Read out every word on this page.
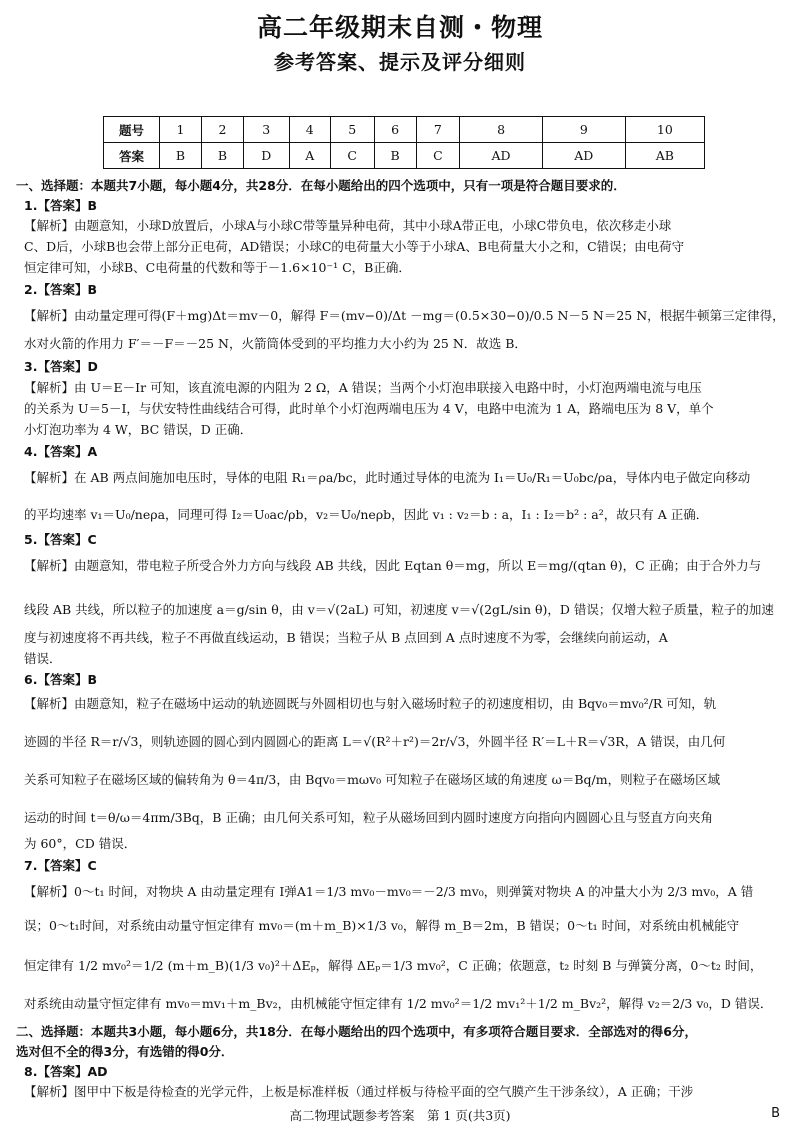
高二年级期末自测・物理
参考答案、提示及评分细则
题号	1	2	3	4	5	6	7	8	9	10
答案	B	B	D	A	C	B	C	AD	AD	AB
一、选择题：本题共7小题，每小题4分，共28分．在每小题给出的四个选项中，只有一项是符合题目要求的．
1.【答案】B
【解析】由题意知，小球D放置后，小球A与小球C带等量异种电荷，其中小球A带正电，小球C带负电，依次移走小球
C、D后，小球B也会带上部分正电荷，AD错误；小球C的电荷量大小等于小球A、B电荷量大小之和，C错误；由电荷守
恒定律可知，小球B、C电荷量的代数和等于－1.6×10⁻¹ C，B正确．
2.【答案】B
【解析】由动量定理可得(F＋mg)Δt＝mv－0，解得 F＝(mv−0)/Δt －mg＝(0.5×30−0)/0.5 N－5 N＝25 N，根据牛顿第三定律得，
水对火箭的作用力 F′＝－F＝－25 N，火箭筒体受到的平均推力大小约为 25 N．故选 B．
3.【答案】D
【解析】由 U＝E－Ir 可知，该直流电源的内阻为 2 Ω，A 错误；当两个小灯泡串联接入电路中时，小灯泡两端电流与电压
的关系为 U＝5－I，与伏安特性曲线结合可得，此时单个小灯泡两端电压为 4 V，电路中电流为 1 A，路端电压为 8 V，单个
小灯泡功率为 4 W，BC 错误，D 正确．
4.【答案】A
【解析】在 AB 两点间施加电压时，导体的电阻 R₁＝ρa/bc，此时通过导体的电流为 I₁＝U₀/R₁＝U₀bc/ρa，导体内电子做定向移动
的平均速率 v₁＝U₀/neρa，同理可得 I₂＝U₀ac/ρb，v₂＝U₀/neρb，因此 v₁ : v₂＝b : a，I₁ : I₂＝b² : a²，故只有 A 正确．
5.【答案】C
【解析】由题意知，带电粒子所受合外力方向与线段 AB 共线，因此 Eqtan θ＝mg，所以 E＝mg/(qtan θ)，C 正确；由于合外力与
线段 AB 共线，所以粒子的加速度 a＝g/sin θ，由 v＝√(2aL) 可知，初速度 v＝√(2gL/sin θ)，D 错误；仅增大粒子质量，粒子的加速
度与初速度将不再共线，粒子不再做直线运动，B 错误；当粒子从 B 点回到 A 点时速度不为零，会继续向前运动，A
错误．
6.【答案】B
【解析】由题意知，粒子在磁场中运动的轨迹圆既与外圆相切也与射入磁场时粒子的初速度相切，由 Bqv₀＝mv₀²/R 可知，轨
迹圆的半径 R＝r/√3，则轨迹圆的圆心到内圆圆心的距离 L＝√(R²＋r²)＝2r/√3，外圆半径 R′＝L＋R＝√3R，A 错误，由几何
关系可知粒子在磁场区域的偏转角为 θ＝4π/3，由 Bqv₀＝mωv₀ 可知粒子在磁场区域的角速度 ω＝Bq/m，则粒子在磁场区域
运动的时间 t＝θ/ω＝4πm/3Bq，B 正确；由几何关系可知，粒子从磁场回到内圆时速度方向指向内圆圆心且与竖直方向夹角
为 60°，CD 错误．
7.【答案】C
【解析】0～t₁ 时间，对物块 A 由动量定理有 I弹A1＝1/3 mv₀－mv₀＝－2/3 mv₀，则弹簧对物块 A 的冲量大小为 2/3 mv₀，A 错
误；0～t₁时间，对系统由动量守恒定律有 mv₀＝(m＋m_B)×1/3 v₀，解得 m_B＝2m，B 错误；0～t₁ 时间，对系统由机械能守
恒定律有 1/2 mv₀²＝1/2 (m＋m_B)(1/3 v₀)²＋ΔEₚ，解得 ΔEₚ＝1/3 mv₀²，C 正确；依题意，t₂ 时刻 B 与弹簧分离，0～t₂ 时间，
对系统由动量守恒定律有 mv₀＝mv₁＋m_Bv₂，由机械能守恒定律有 1/2 mv₀²＝1/2 mv₁²＋1/2 m_Bv₂²，解得 v₂＝2/3 v₀，D 错误．
二、选择题：本题共3小题，每小题6分，共18分．在每小题给出的四个选项中，有多项符合题目要求．全部选对的得6分，
选对但不全的得3分，有选错的得0分．
8.【答案】AD
【解析】图甲中下板是待检查的光学元件，上板是标准样板（通过样板与待检平面的空气膜产生干涉条纹），A 正确；干涉
高二物理试题参考答案　第 1 页(共3页)	B
